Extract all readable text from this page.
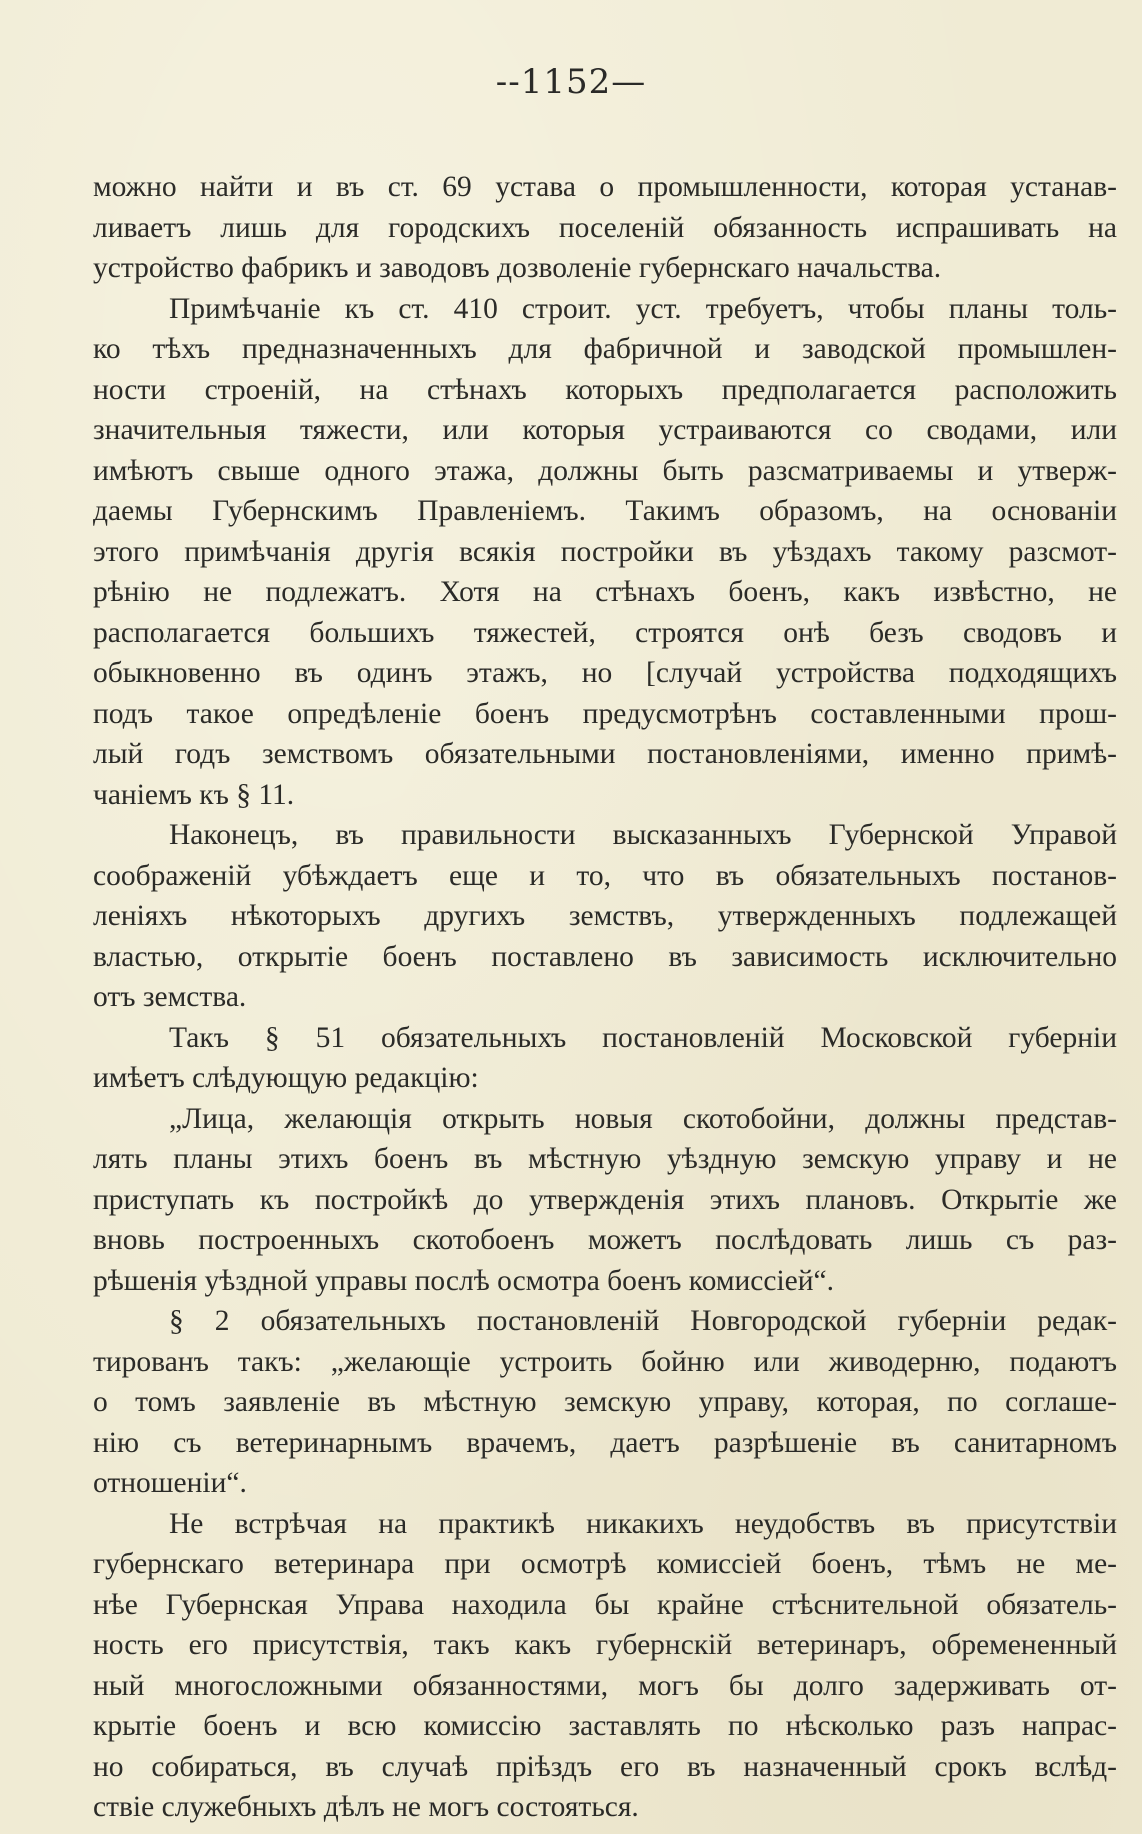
--1152—
можно найти и въ ст. 69 устава о промышленности, которая устанав-
ливаетъ лишь для городскихъ поселеній обязанность испрашивать на
устройство фабрикъ и заводовъ дозволеніе губернскаго начальства.
Примѣчаніе къ ст. 410 строит. уст. требуетъ, чтобы планы толь-
ко тѣхъ предназначенныхъ для фабричной и заводской промышлен-
ности строеній, на стѣнахъ которыхъ предполагается расположить
значительныя тяжести, или которыя устраиваются со сводами, или
имѣютъ свыше одного этажа, должны быть разсматриваемы и утверж-
даемы Губернскимъ Правленіемъ. Такимъ образомъ, на основаніи
этого примѣчанія другія всякія постройки въ уѣздахъ такому разсмот-
рѣнію не подлежатъ. Хотя на стѣнахъ боенъ, какъ извѣстно, не
располагается большихъ тяжестей, строятся онѣ безъ сводовъ и
обыкновенно въ одинъ этажъ, но [случай устройства подходящихъ
подъ такое опредѣленіе боенъ предусмотрѣнъ составленными прош-
лый годъ земствомъ обязательными постановленіями, именно примѣ-
чаніемъ къ § 11.
Наконецъ, въ правильности высказанныхъ Губернской Управой
соображеній убѣждаетъ еще и то, что въ обязательныхъ постанов-
леніяхъ нѣкоторыхъ другихъ земствъ, утвержденныхъ подлежащей
властью, открытіе боенъ поставлено въ зависимость исключительно
отъ земства.
Такъ § 51 обязательныхъ постановленій Московской губерніи
имѣетъ слѣдующую редакцію:
„Лица, желающія открыть новыя скотобойни, должны представ-
лять планы этихъ боенъ въ мѣстную уѣздную земскую управу и не
приступать къ постройкѣ до утвержденія этихъ плановъ. Открытіе же
вновь построенныхъ скотобоенъ можетъ послѣдовать лишь съ раз-
рѣшенія уѣздной управы послѣ осмотра боенъ комиссіей“.
§ 2 обязательныхъ постановленій Новгородской губерніи редак-
тированъ такъ: „желающіе устроить бойню или живодерню, подаютъ
о томъ заявленіе въ мѣстную земскую управу, которая, по соглаше-
нію съ ветеринарнымъ врачемъ, даетъ разрѣшеніе въ санитарномъ
отношеніи“.
Не встрѣчая на практикѣ никакихъ неудобствъ въ присутствіи
губернскаго ветеринара при осмотрѣ комиссіей боенъ, тѣмъ не ме-
нѣе Губернская Управа находила бы крайне стѣснительной обязатель-
ность его присутствія, такъ какъ губернскій ветеринаръ, обремененный
ный многосложными обязанностями, могъ бы долго задерживать от-
крытіе боенъ и всю комиссію заставлять по нѣсколько разъ напрас-
но собираться, въ случаѣ пріѣздъ его въ назначенный срокъ вслѣд-
ствіе служебныхъ дѣлъ не могъ состояться.
